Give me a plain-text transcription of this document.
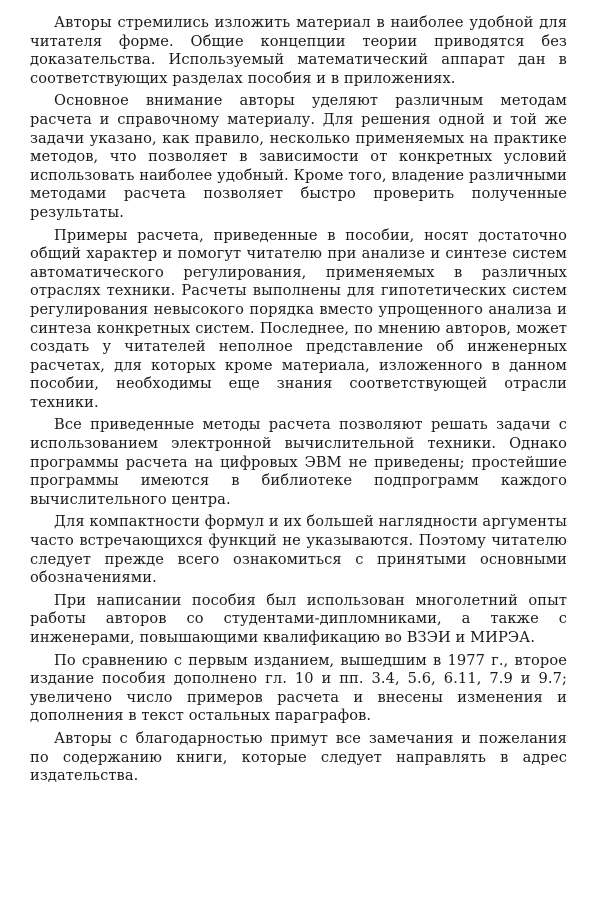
Авторы стремились изложить материал в наиболее удобной для читателя форме. Общие концепции теории приводятся без доказательства. Используемый математический аппарат дан в соответствующих разделах пособия и в приложениях.

Основное внимание авторы уделяют различным методам расчета и справочному материалу. Для решения одной и той же задачи указано, как правило, несколько применяемых на практике методов, что позволяет в зависимости от конкретных условий использовать наиболее удобный. Кроме того, владение различными методами расчета позволяет быстро проверить полученные результаты.

Примеры расчета, приведенные в пособии, носят достаточно общий характер и помогут читателю при анализе и синтезе систем автоматического регулирования, применяемых в различных отраслях техники. Расчеты выполнены для гипотетических систем регулирования невысокого порядка вместо упрощенного анализа и синтеза конкретных систем. Последнее, по мнению авторов, может создать у читателей неполное представление об инженерных расчетах, для которых кроме материала, изложенного в данном пособии, необходимы еще знания соответствующей отрасли техники.

Все приведенные методы расчета позволяют решать задачи с использованием электронной вычислительной техники. Однако программы расчета на цифровых ЭВМ не приведены; простейшие программы имеются в библиотеке подпрограмм каждого вычислительного центра.

Для компактности формул и их большей наглядности аргументы часто встречающихся функций не указываются. Поэтому читателю следует прежде всего ознакомиться с принятыми основными обозначениями.

При написании пособия был использован многолетний опыт работы авторов со студентами-дипломниками, а также с инженерами, повышающими квалификацию во ВЗЭИ и МИРЭА.

По сравнению с первым изданием, вышедшим в 1977 г., второе издание пособия дополнено гл. 10 и пп. 3.4, 5.6, 6.11, 7.9 и 9.7; увеличено число примеров расчета и внесены изменения и дополнения в текст остальных параграфов.

Авторы с благодарностью примут все замечания и пожелания по содержанию книги, которые следует направлять в адрес издательства.
